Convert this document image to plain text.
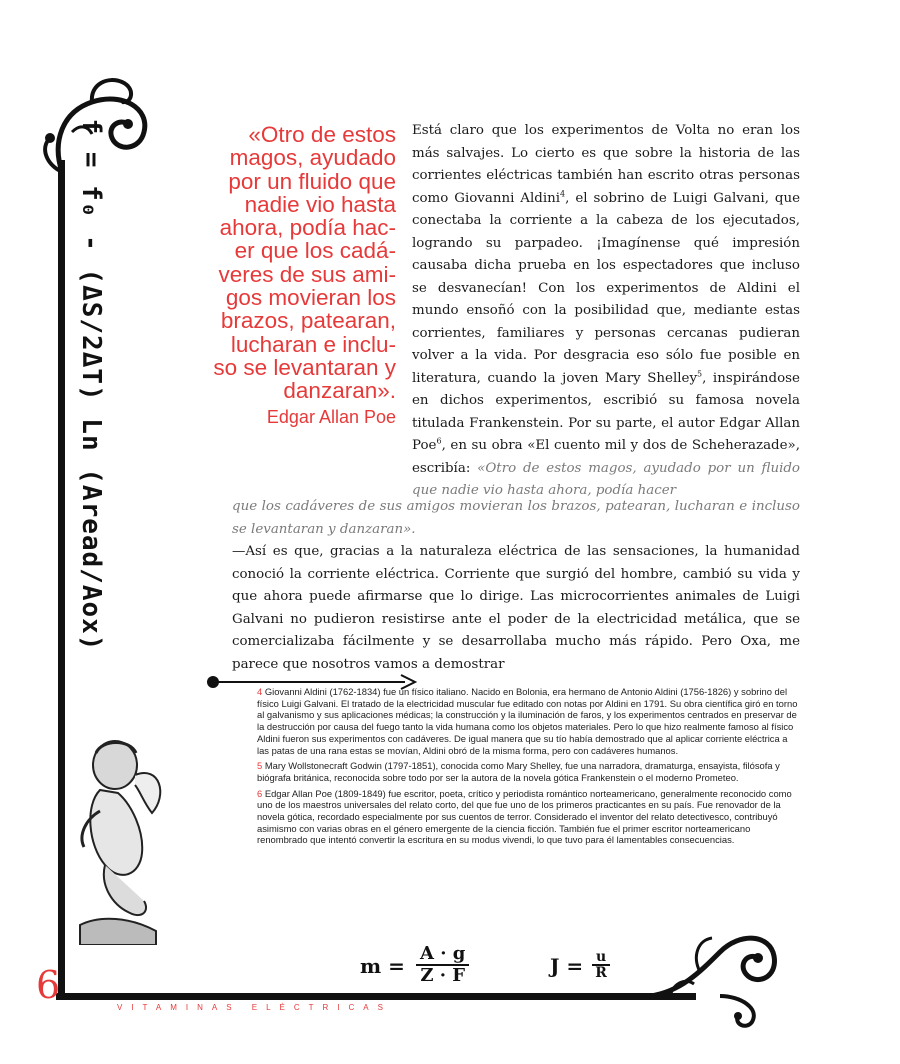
f = f₀ - (ΔS/2ΔT) Ln (Aread/Aox)	«Otro de estos
magos, ayudado
por un fluido que
nadie vio hasta
ahora, podía hac-
er que los cadá-
veres de sus ami-
gos movieran los
brazos, patearan,
lucharan e inclu-
so se levantaran y
danzaran».
Edgar Allan Poe
Está claro que los experimentos de Volta no eran los más salvajes. Lo cierto es que sobre la historia de las corrientes eléctricas también han escrito otras personas como Giovanni Aldini$^4$, el sobrino de Luigi Galvani, que conectaba la corriente a la cabeza de los ejecutados, logrando su parpadeo. ¡Imagínense qué impresión causaba dicha prueba en los espectadores que incluso se desvanecían! Con los experimentos de Aldini el mundo ensoñó con la posibilidad que, mediante estas corrientes, familiares y personas cercanas pudieran volver a la vida. Por desgracia eso sólo fue posible en literatura, cuando la joven Mary Shelley$^5$, inspirándose en dichos experimentos, escribió su famosa novela titulada Frankenstein. Por su parte, el autor Edgar Allan Poe$^6$, en su obra «El cuento mil y dos de Scheherazade», escribía: «Otro de estos magos, ayudado por un fluido que nadie vio hasta ahora, podía hacer

que los cadáveres de sus amigos movieran los brazos, patearan, lucharan e incluso se levantaran y danzaran».

—Así es que, gracias a la naturaleza eléctrica de las sensaciones, la humanidad conoció la corriente eléctrica. Corriente que surgió del hombre, cambió su vida y que ahora puede afirmarse que lo dirige. Las microcorrientes animales de Luigi Galvani no pudieron resistirse ante el poder de la electricidad metálica, que se comercializaba fácilmente y se desarrollaba mucho más rápido. Pero Oxa, me parece que nosotros vamos a demostrar

4 Giovanni Aldini (1762-1834) fue un físico italiano. Nacido en Bolonia, era hermano de Antonio Aldini (1756-1826) y sobrino del físico Luigi Galvani. El tratado de la electricidad muscular fue editado con notas por Aldini en 1791. Su obra científica giró en torno al galvanismo y sus aplicaciones médicas; la construcción y la iluminación de faros, y los experimentos centrados en preservar de la destrucción por causa del fuego tanto la vida humana como los objetos materiales. Pero lo que hizo realmente famoso al físico Aldini fueron sus experimentos con cadáveres. De igual manera que su tío había demostrado que al aplicar corriente eléctrica a las patas de una rana estas se movían, Aldini obró de la misma forma, pero con cadáveres humanos.

5 Mary Wollstonecraft Godwin (1797-1851), conocida como Mary Shelley, fue una narradora, dramaturga, ensayista, filósofa y biógrafa británica, reconocida sobre todo por ser la autora de la novela gótica Frankenstein o el moderno Prometeo.

6 Edgar Allan Poe (1809-1849) fue escritor, poeta, crítico y periodista romántico norteamericano, generalmente reconocido como uno de los maestros universales del relato corto, del que fue uno de los primeros practicantes en su país. Fue renovador de la novela gótica, recordado especialmente por sus cuentos de terror. Considerado el inventor del relato detectivesco, contribuyó asimismo con varias obras en el género emergente de la ciencia ficción. También fue el primer escritor norteamericano renombrado que intentó convertir la escritura en su modus vivendi, lo que tuvo para él lamentables consecuencias.

$m = \frac{A \cdot g}{Z \cdot F}$	$J = \frac{u}{R}$
6
VITAMINAS ELÉCTRICAS
